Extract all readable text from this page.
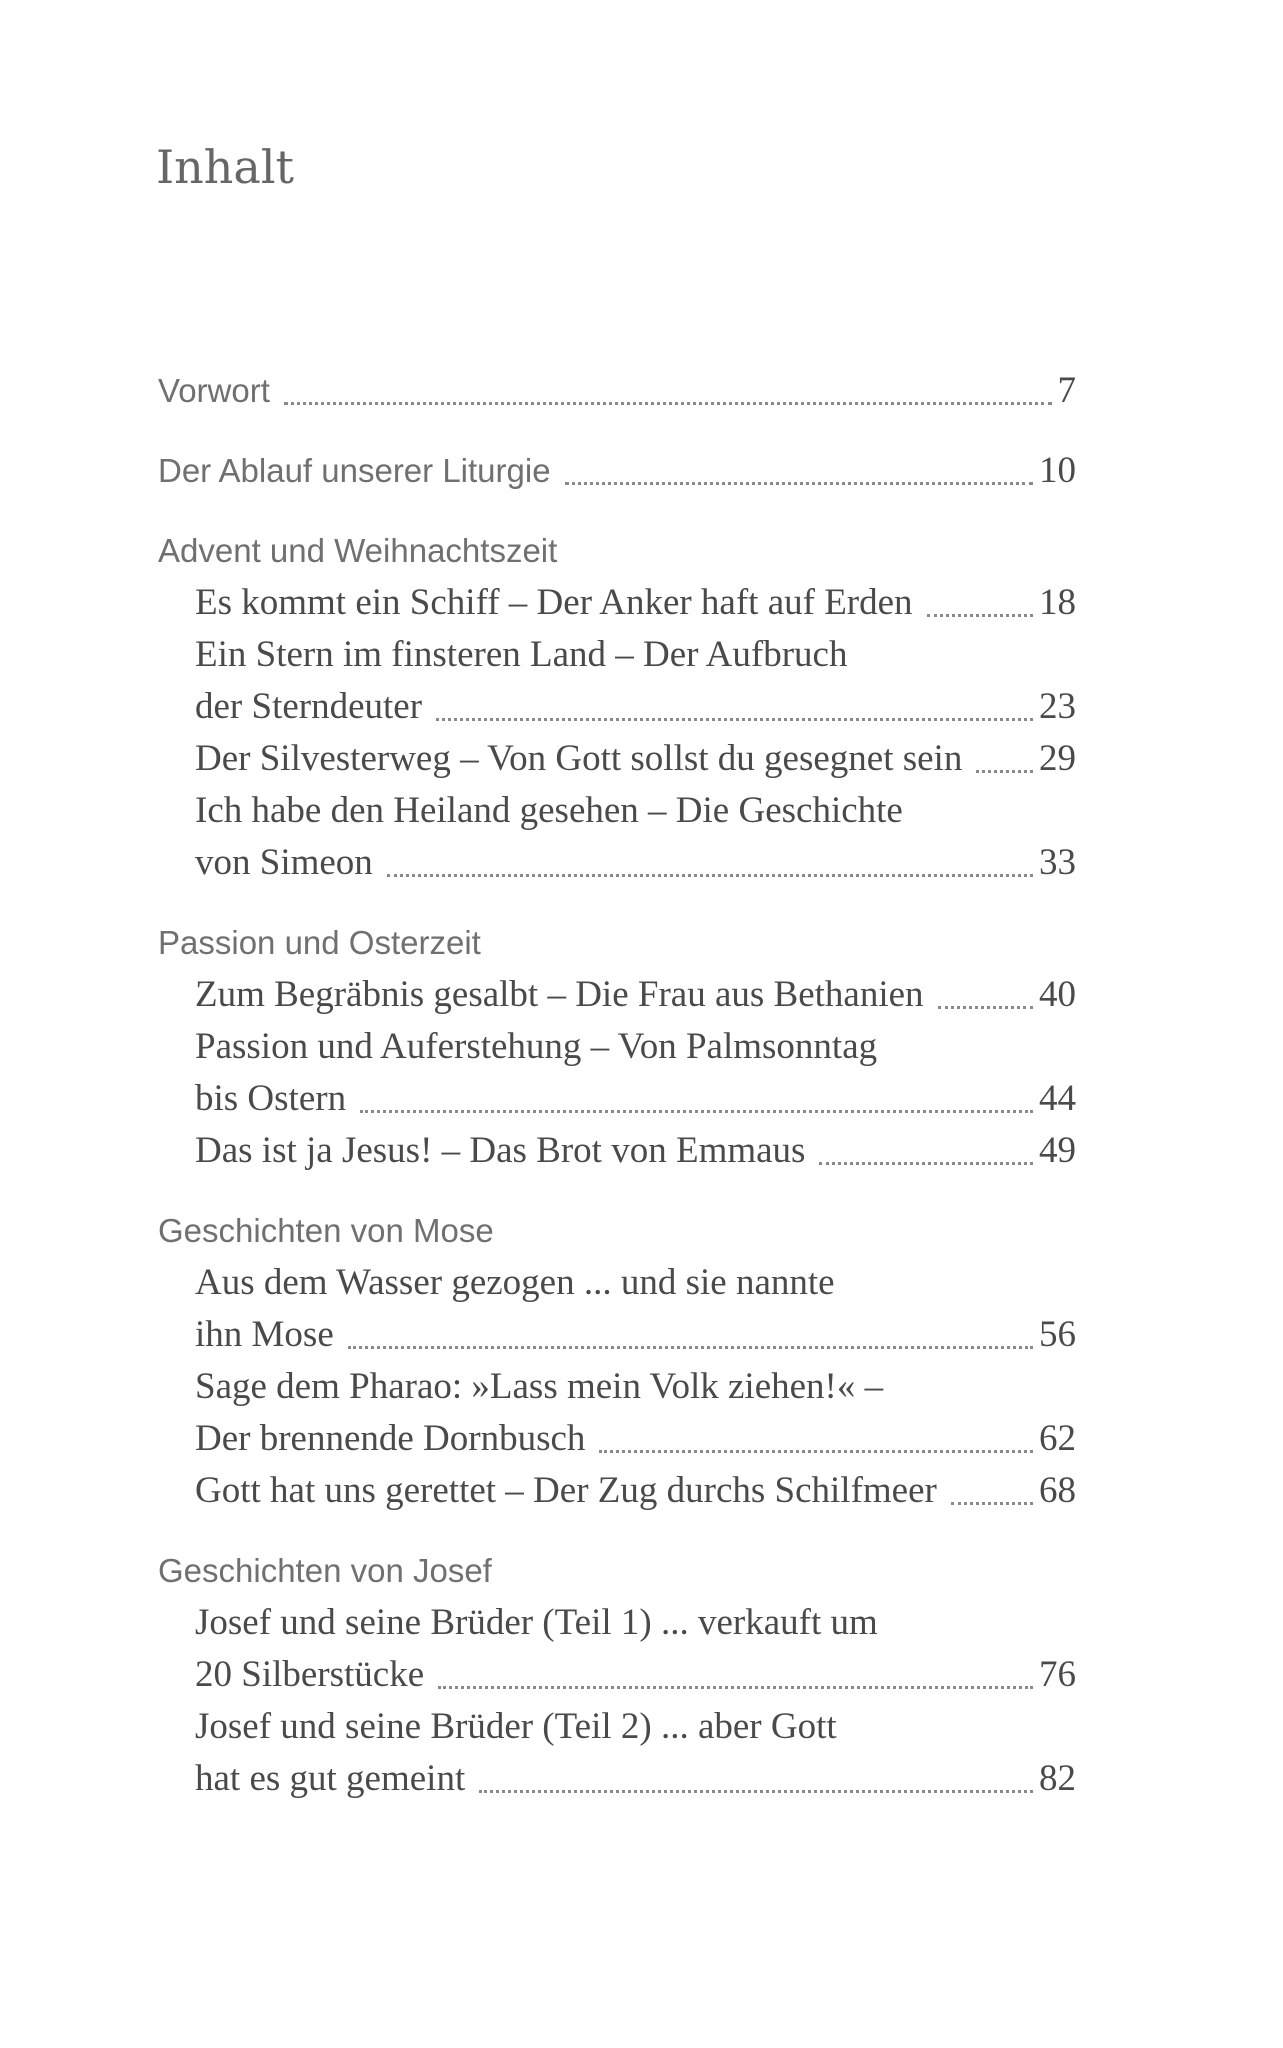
Inhalt
Vorwort	7
Der Ablauf unserer Liturgie	10
Advent und Weihnachtszeit
Es kommt ein Schiff – Der Anker haft auf Erden	18
Ein Stern im finsteren Land – Der Aufbruch
der Sterndeuter	23
Der Silvesterweg – Von Gott sollst du gesegnet sein 29
Ich habe den Heiland gesehen – Die Geschichte
von Simeon	33
Passion und Osterzeit
Zum Begräbnis gesalbt – Die Frau aus Bethanien	40
Passion und Auferstehung – Von Palmsonntag
bis Ostern	44
Das ist ja Jesus! – Das Brot von Emmaus	49
Geschichten von Mose
Aus dem Wasser gezogen ... und sie nannte
ihn Mose	56
Sage dem Pharao: »Lass mein Volk ziehen!« –
Der brennende Dornbusch	62
Gott hat uns gerettet – Der Zug durchs Schilfmeer	68
Geschichten von Josef
Josef und seine Brüder (Teil 1) ... verkauft um
20 Silberstücke	76
Josef und seine Brüder (Teil 2) ... aber Gott
hat es gut gemeint	82
